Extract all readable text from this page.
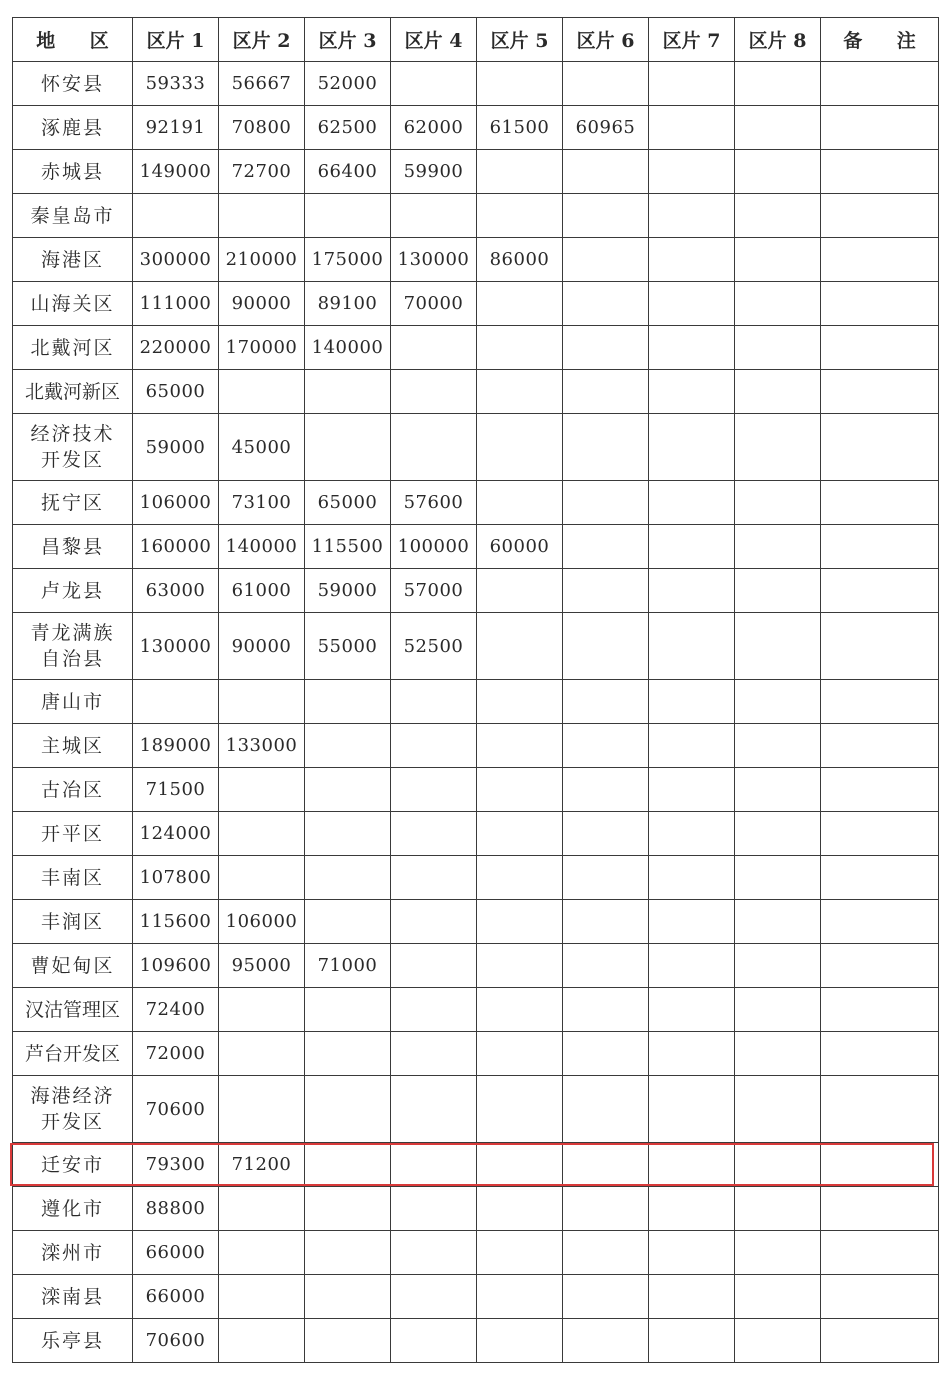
地 区	区片 1	区片 2	区片 3	区片 4	区片 5	区片 6	区片 7	区片 8	备 注

怀安县	59333	56667	52000						

涿鹿县	92191	70800	62500	62000	61500	60965			

赤城县	149000	72700	66400	59900					

秦皇岛市									

海港区	300000	210000	175000	130000	86000				

山海关区	111000	90000	89100	70000					

北戴河区	220000	170000	140000						

北戴河新区	65000								

经济技术
开发区	59000	45000							

抚宁区	106000	73100	65000	57600					

昌黎县	160000	140000	115500	100000	60000				

卢龙县	63000	61000	59000	57000					

青龙满族
自治县	130000	90000	55000	52500					

唐山市									

主城区	189000	133000							

古冶区	71500								

开平区	124000								

丰南区	107800								

丰润区	115600	106000							

曹妃甸区	109600	95000	71000						

汉沽管理区	72400								

芦台开发区	72000								

海港经济
开发区	70600								

迁安市	79300	71200							

遵化市	88800								

滦州市	66000								

滦南县	66000								

乐亭县	70600								
